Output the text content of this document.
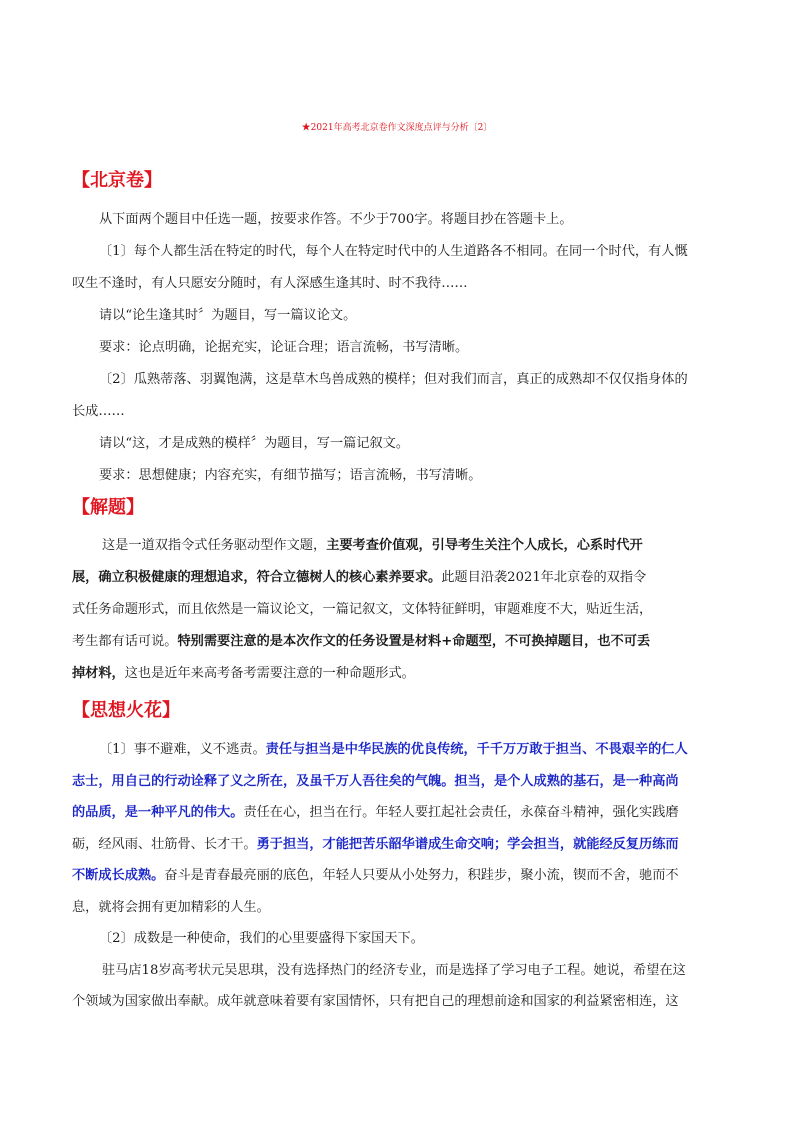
★2021年高考北京卷作文深度点评与分析〔2〕
【北京卷】
从下面两个题目中任选一题，按要求作答。不少于700字。将题目抄在答题卡上。
〔1〕每个人都生活在特定的时代，每个人在特定时代中的人生道路各不相同。在同一个时代，有人慨
叹生不逢时，有人只愿安分随时，有人深感生逢其时、时不我待……
请以“论生逢其时〞为题目，写一篇议论文。
要求：论点明确，论据充实，论证合理；语言流畅，书写清晰。
〔2〕瓜熟蒂落、羽翼饱满，这是草木鸟兽成熟的模样；但对我们而言，真正的成熟却不仅仅指身体的
长成……
请以“这，才是成熟的模样〞为题目，写一篇记叙文。
要求：思想健康；内容充实，有细节描写；语言流畅，书写清晰。
【解题】
这是一道双指令式任务驱动型作文题，主要考查价值观，引导考生关注个人成长，心系时代开
展，确立积极健康的理想追求，符合立德树人的核心素养要求。此题目沿袭2021年北京卷的双指令
式任务命题形式，而且依然是一篇议论文，一篇记叙文，文体特征鲜明，审题难度不大，贴近生活，
考生都有话可说。特别需要注意的是本次作文的任务设置是材料+命题型，不可换掉题目，也不可丢
掉材料，这也是近年来高考备考需要注意的一种命题形式。
【思想火花】
〔1〕事不避难，义不逃责。责任与担当是中华民族的优良传统，千千万万敢于担当、不畏艰辛的仁人
志士，用自己的行动诠释了义之所在，及虽千万人吾往矣的气魄。担当，是个人成熟的基石，是一种高尚
的品质，是一种平凡的伟大。责任在心，担当在行。年轻人要扛起社会责任，永葆奋斗精神，强化实践磨
砺，经风雨、壮筋骨、长才干。勇于担当，才能把苦乐韶华谱成生命交响；学会担当，就能经反复历练而
不断成长成熟。奋斗是青春最亮丽的底色，年轻人只要从小处努力，积跬步，聚小流，锲而不舍，驰而不
息，就将会拥有更加精彩的人生。
〔2〕成数是一种使命，我们的心里要盛得下家国天下。
驻马店18岁高考状元吴思琪，没有选择热门的经济专业，而是选择了学习电子工程。她说，希望在这
个领域为国家做出奉献。成年就意味着要有家国情怀，只有把自己的理想前途和国家的利益紧密相连，这
